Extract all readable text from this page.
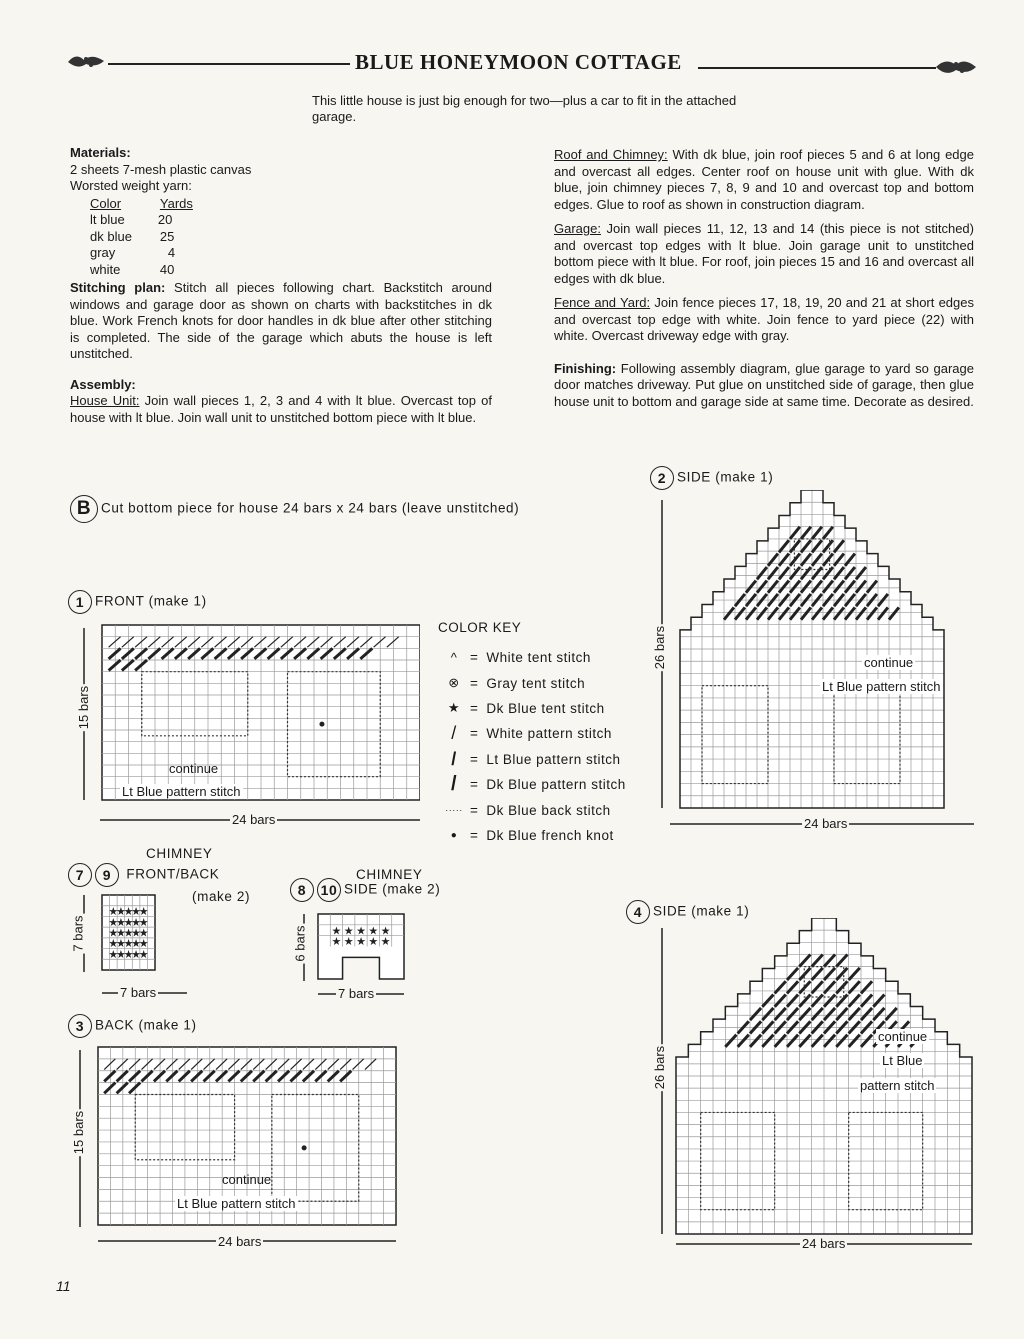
BLUE HONEYMOON COTTAGE
This little house is just big enough for two—plus a car to fit in the attached garage.
Materials:
2 sheets 7-mesh plastic canvas
Worsted weight yarn:
Color	Yards
lt blue	20
dk blue	25
gray	4
white	40

Stitching plan: Stitch all pieces following chart. Backstitch around windows and garage door as shown on charts with backstitches in dk blue. Work French knots for door handles in dk blue after other stitching is completed. The side of the garage which abuts the house is left unstitched.

Assembly:

House Unit: Join wall pieces 1, 2, 3 and 4 with lt blue. Overcast top of house with lt blue. Join wall unit to unstitched bottom piece with lt blue.

Roof and Chimney: With dk blue, join roof pieces 5 and 6 at long edge and overcast all edges. Center roof on house unit with glue. With dk blue, join chimney pieces 7, 8, 9 and 10 and overcast top and bottom edges. Glue to roof as shown in construction diagram.

Garage: Join wall pieces 11, 12, 13 and 14 (this piece is not stitched) and overcast top edges with lt blue. Join garage unit to unstitched bottom piece with lt blue. For roof, join pieces 15 and 16 and overcast all edges with dk blue.

Fence and Yard: Join fence pieces 17, 18, 19, 20 and 21 at short edges and overcast top edge with white. Join fence to yard piece (22) with white. Overcast driveway edge with gray.

Finishing: Following assembly diagram, glue garage to yard so garage door matches driveway. Put glue on unstitched side of garage, then glue house unit to bottom and garage side at same time. Decorate as desired.

B Cut bottom piece for house 24 bars x 24 bars (leave unstitched)
1 FRONT (make 1)
15 bars
24 bars
continue
Lt Blue pattern stitch
COLOR KEY
^ = White tent stitch
⊗ = Gray tent stitch
★ = Dk Blue tent stitch
/ = White pattern stitch
/ = Lt Blue pattern stitch
/ = Dk Blue pattern stitch
····· = Dk Blue back stitch
● = Dk Blue french knot
2 SIDE (make 1)
26 bars
24 bars
continue
Lt Blue pattern stitch
CHIMNEY
7 9 FRONT/BACK
(make 2)
★
★
★
★
★
★
★
★
★
★
★
★
★
★
★
★
★
★
★
★
★
★
★
★
★
7 bars
7 bars
CHIMNEY
8 10 SIDE (make 2)
★ ★ ★ ★ ★
★ ★ ★ ★ ★
6 bars
7 bars
3 BACK (make 1)
15 bars
24 bars
continue
Lt Blue pattern stitch
4 SIDE (make 1)
26 bars
24 bars
continue
Lt Blue
pattern stitch
11
